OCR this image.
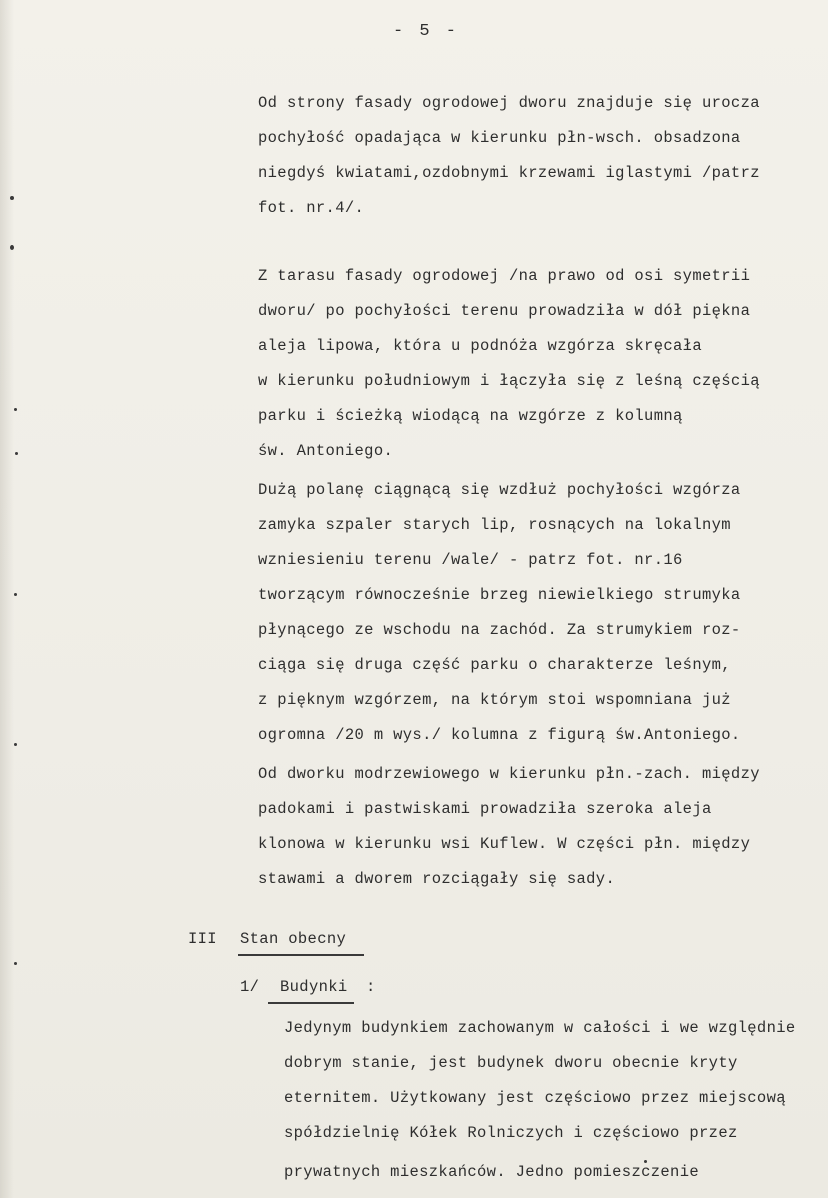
- 5 -
Od strony fasady ogrodowej dworu znajduje się urocza
pochyłość opadająca w kierunku płn-wsch. obsadzona
niegdyś kwiatami,ozdobnymi krzewami iglastymi /patrz
fot. nr.4/.
Z tarasu fasady ogrodowej /na prawo od osi symetrii
dworu/ po pochyłości terenu prowadziła w dół piękna
aleja lipowa, która u podnóża wzgórza skręcała
w kierunku południowym i łączyła się z leśną częścią
parku i ścieżką wiodącą na wzgórze z kolumną
św. Antoniego.
Dużą polanę ciągnącą się wzdłuż pochyłości wzgórza
zamyka szpaler starych lip, rosnących na lokalnym
wzniesieniu terenu /wale/ - patrz fot. nr.16
tworzącym równocześnie brzeg niewielkiego strumyka
płynącego ze wschodu na zachód. Za strumykiem roz-
ciąga się druga część parku o charakterze leśnym,
z pięknym wzgórzem, na którym stoi wspomniana już
ogromna /20 m wys./ kolumna z figurą św.Antoniego.
Od dworku modrzewiowego w kierunku płn.-zach. między
padokami i pastwiskami prowadziła szeroka aleja
klonowa w kierunku wsi Kuflew. W części płn. między
stawami a dworem rozciągały się sady.
III Stan obecny
1/ Budynki :
Jedynym budynkiem zachowanym w całości i we względnie
dobrym stanie, jest budynek dworu obecnie kryty
eternitem. Użytkowany jest częściowo przez miejscową
spółdzielnię Kółek Rolniczych i częściowo przez
prywatnych mieszkańców. Jedno pomieszczenie
